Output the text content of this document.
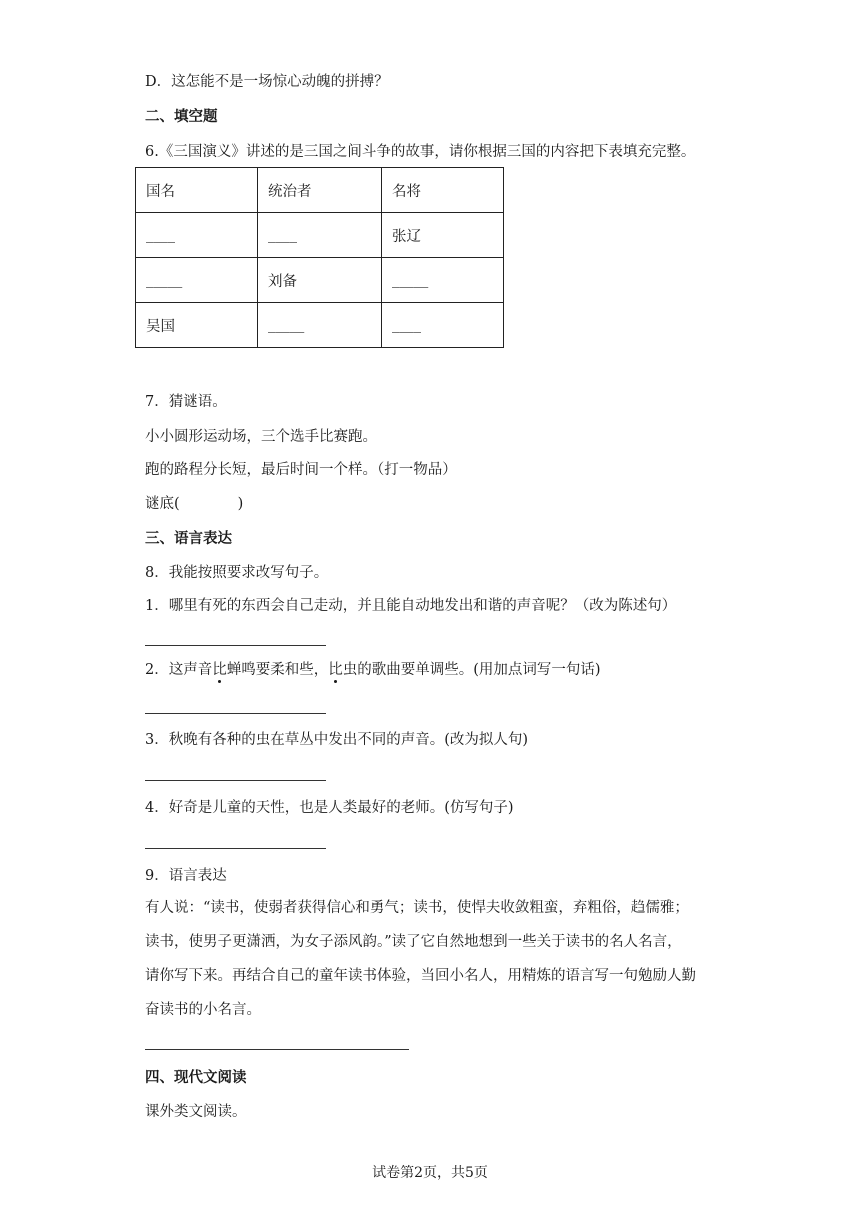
D．这怎能不是一场惊心动魄的拼搏？
二、填空题
6.《三国演义》讲述的是三国之间斗争的故事，请你根据三国的内容把下表填充完整。
国名	统治者	名将
____	____	张辽
_____	刘备	_____
吴国	_____	____
7．猜谜语。
小小圆形运动场，三个选手比赛跑。
跑的路程分长短，最后时间一个样。（打一物品）
谜底(	)
三、语言表达
8．我能按照要求改写句子。
1．哪里有死的东西会自己走动，并且能自动地发出和谐的声音呢？（改为陈述句）
2．这声音比蝉鸣要柔和些，比虫的歌曲要单调些。(用加点词写一句话)
3．秋晚有各种的虫在草丛中发出不同的声音。(改为拟人句)
4．好奇是儿童的天性，也是人类最好的老师。(仿写句子)
9．语言表达
有人说：“读书，使弱者获得信心和勇气；读书，使悍夫收敛粗蛮，弃粗俗，趋儒雅；
读书，使男子更潇洒，为女子添风韵。”读了它自然地想到一些关于读书的名人名言，
请你写下来。再结合自己的童年读书体验，当回小名人，用精炼的语言写一句勉励人勤
奋读书的小名言。
四、现代文阅读
课外类文阅读。
试卷第2页，共5页
